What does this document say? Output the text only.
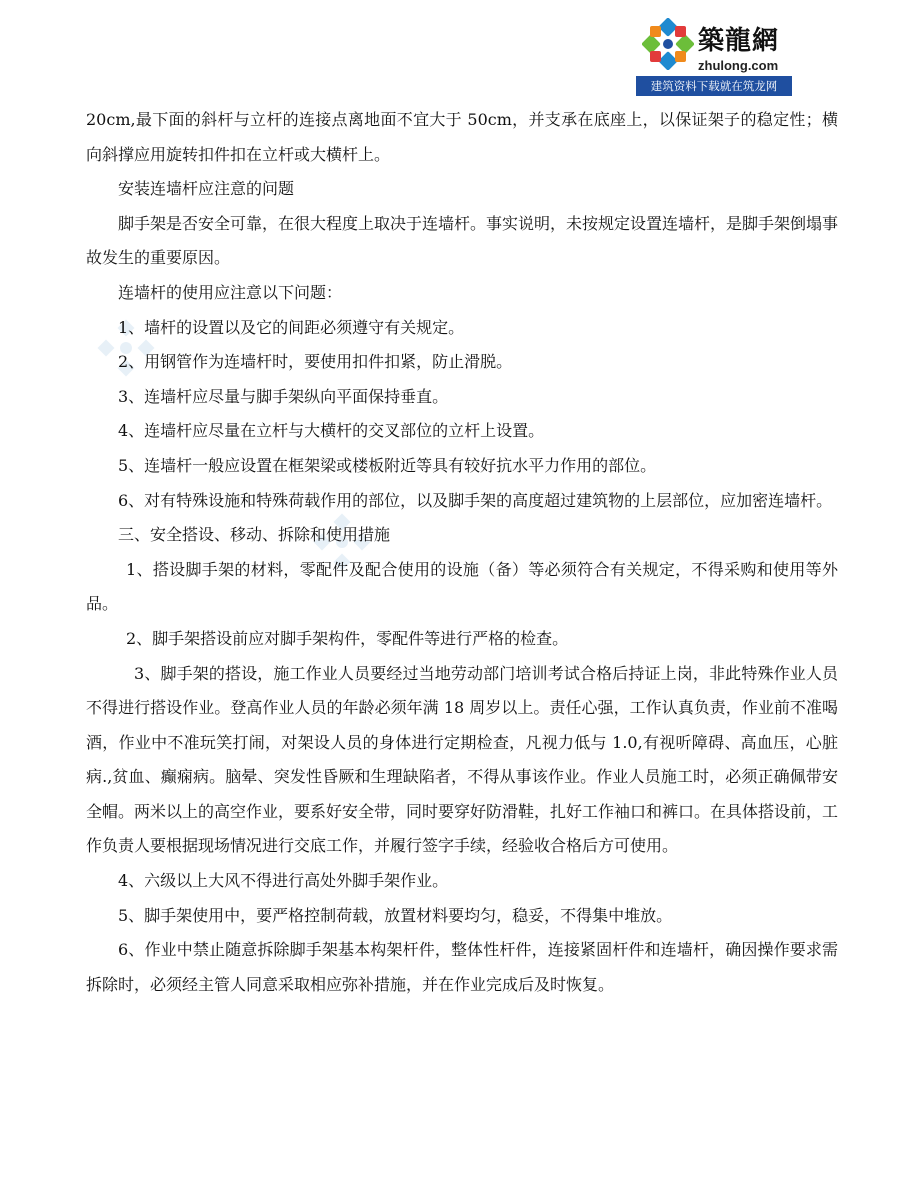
築龍網
zhulong.com
建筑资料下载就在筑龙网

20cm,最下面的斜杆与立杆的连接点离地面不宜大于 50cm，并支承在底座上，以保证架子的稳定性；横向斜撑应用旋转扣件扣在立杆或大横杆上。

安装连墙杆应注意的问题

脚手架是否安全可靠，在很大程度上取决于连墙杆。事实说明，未按规定设置连墙杆，是脚手架倒塌事故发生的重要原因。

连墙杆的使用应注意以下问题：

1、墙杆的设置以及它的间距必须遵守有关规定。

2、用钢管作为连墙杆时，要使用扣件扣紧，防止滑脱。

3、连墙杆应尽量与脚手架纵向平面保持垂直。

4、连墙杆应尽量在立杆与大横杆的交叉部位的立杆上设置。

5、连墙杆一般应设置在框架梁或楼板附近等具有较好抗水平力作用的部位。

6、对有特殊设施和特殊荷载作用的部位，以及脚手架的高度超过建筑物的上层部位，应加密连墙杆。

三、安全搭设、移动、拆除和使用措施

1、搭设脚手架的材料，零配件及配合使用的设施（备）等必须符合有关规定，不得采购和使用等外品。

2、脚手架搭设前应对脚手架构件，零配件等进行严格的检查。

3、脚手架的搭设，施工作业人员要经过当地劳动部门培训考试合格后持证上岗，非此特殊作业人员不得进行搭设作业。登高作业人员的年龄必须年满 18 周岁以上。责任心强，工作认真负责，作业前不准喝酒，作业中不准玩笑打闹，对架设人员的身体进行定期检查，凡视力低与 1.0,有视听障碍、高血压，心脏病.,贫血、癫痫病。脑晕、突发性昏厥和生理缺陷者，不得从事该作业。作业人员施工时，必须正确佩带安全帽。两米以上的高空作业，要系好安全带，同时要穿好防滑鞋，扎好工作袖口和裤口。在具体搭设前，工作负责人要根据现场情况进行交底工作，并履行签字手续，经验收合格后方可使用。

4、六级以上大风不得进行高处外脚手架作业。

5、脚手架使用中，要严格控制荷载，放置材料要均匀，稳妥，不得集中堆放。

6、作业中禁止随意拆除脚手架基本构架杆件，整体性杆件，连接紧固杆件和连墙杆，确因操作要求需拆除时，必须经主管人同意采取相应弥补措施，并在作业完成后及时恢复。
